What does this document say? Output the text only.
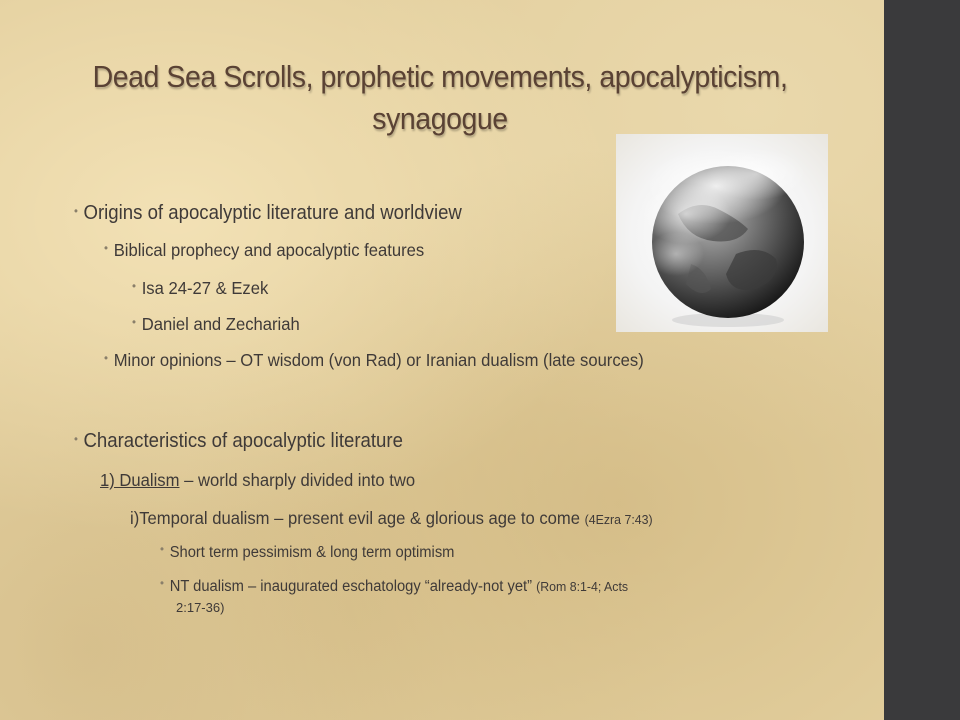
Dead Sea Scrolls, prophetic movements, apocalypticism,
synagogue
• Origins of apocalyptic literature and worldview
• Biblical prophecy and apocalyptic features
• Isa 24-27 & Ezek
• Daniel and Zechariah
• Minor opinions – OT wisdom (von Rad) or Iranian dualism (late sources)
• Characteristics of apocalyptic literature
1) Dualism – world sharply divided into two
i)Temporal dualism – present evil age & glorious age to come (4Ezra 7:43)
• Short term pessimism & long term optimism
• NT dualism – inaugurated eschatology “already-not yet” (Rom 8:1-4; Acts
2:17-36)
